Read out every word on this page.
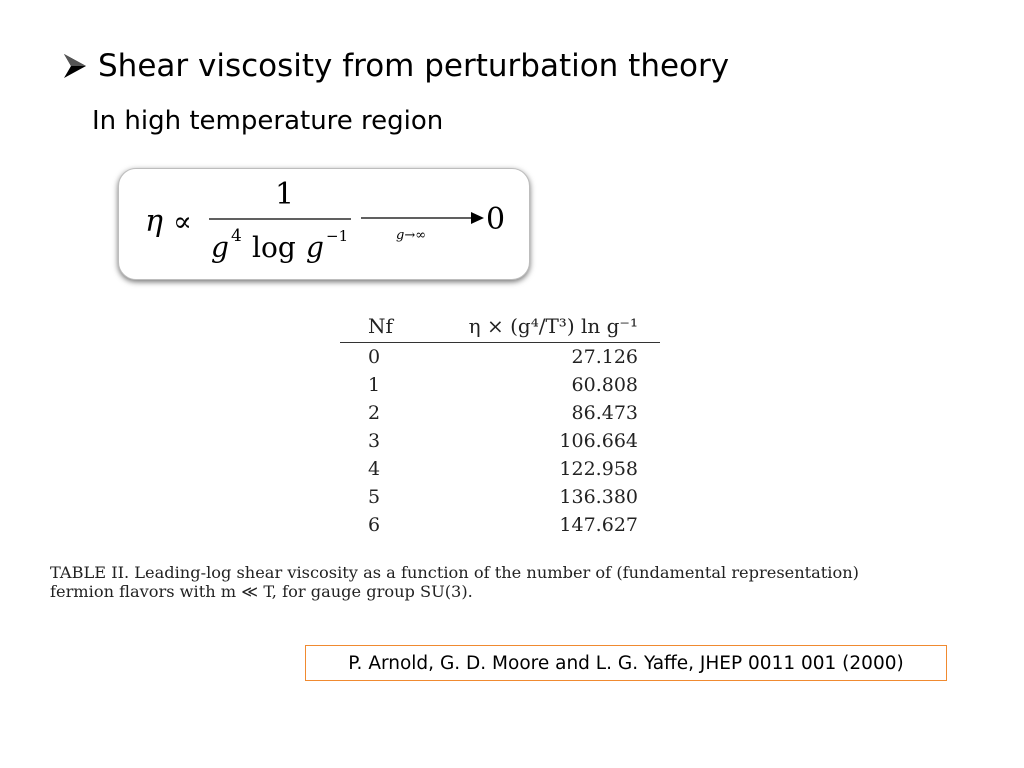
Shear viscosity from perturbation theory
In high temperature region
η ∝
1
g 4 log g −1	g→∞ 0
Nf	η × (g⁴/T³) ln g⁻¹
0	27.126
1	60.808
2	86.473
3	106.664
4	122.958
5	136.380
6	147.627
TABLE II. Leading-log shear viscosity as a function of the number of (fundamental representation)
fermion flavors with m ≪ T, for gauge group SU(3).
P. Arnold, G. D. Moore and L. G. Yaffe, JHEP 0011 001 (2000)
